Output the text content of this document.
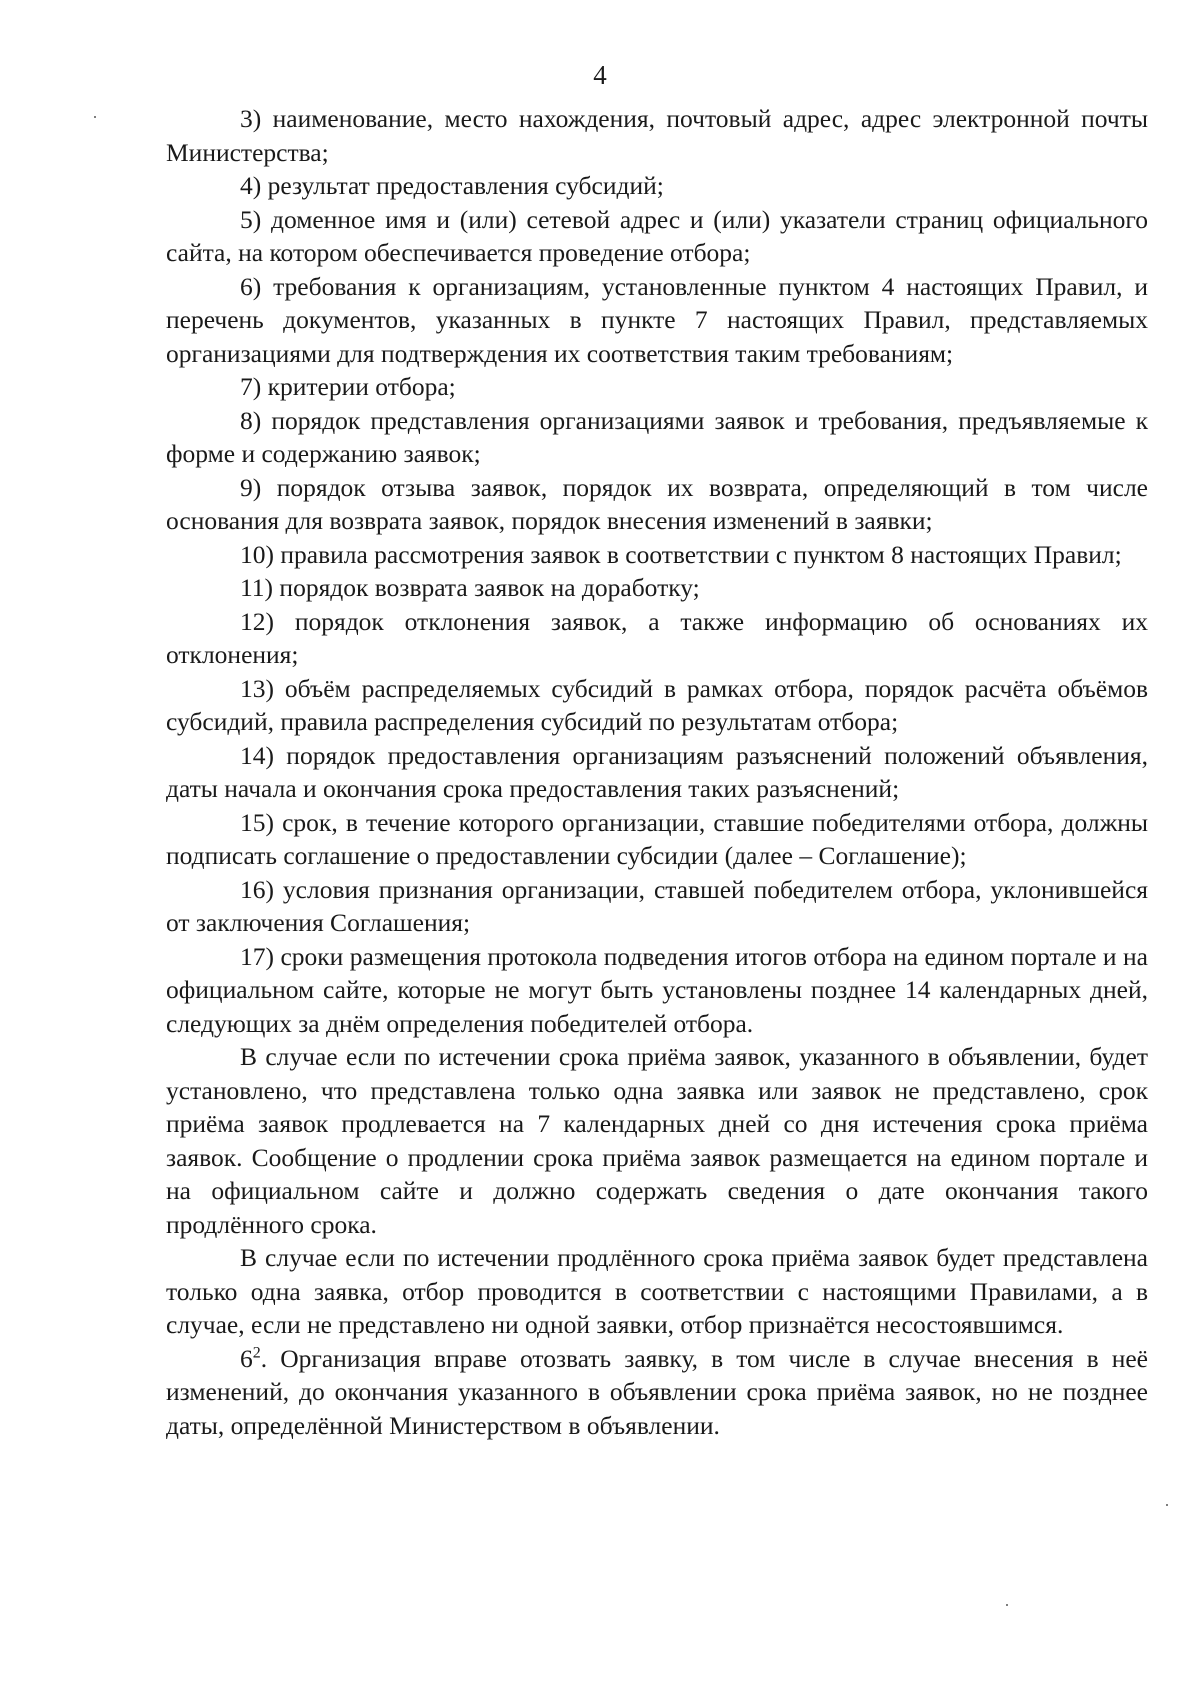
4

3) наименование, место нахождения, почтовый адрес, адрес электронной почты Министерства;

4) результат предоставления субсидий;

5) доменное имя и (или) сетевой адрес и (или) указатели страниц официального сайта, на котором обеспечивается проведение отбора;

6) требования к организациям, установленные пунктом 4 настоящих Правил, и перечень документов, указанных в пункте 7 настоящих Правил, представляемых организациями для подтверждения их соответствия таким требованиям;

7) критерии отбора;

8) порядок представления организациями заявок и требования, предъявляемые к форме и содержанию заявок;

9) порядок отзыва заявок, порядок их возврата, определяющий в том числе основания для возврата заявок, порядок внесения изменений в заявки;

10) правила рассмотрения заявок в соответствии с пунктом 8 настоящих Правил;

11) порядок возврата заявок на доработку;

12) порядок отклонения заявок, а также информацию об основаниях их отклонения;

13) объём распределяемых субсидий в рамках отбора, порядок расчёта объёмов субсидий, правила распределения субсидий по результатам отбора;

14) порядок предоставления организациям разъяснений положений объявления, даты начала и окончания срока предоставления таких разъяснений;

15) срок, в течение которого организации, ставшие победителями отбора, должны подписать соглашение о предоставлении субсидии (далее – Соглашение);

16) условия признания организации, ставшей победителем отбора, уклонившейся от заключения Соглашения;

17) сроки размещения протокола подведения итогов отбора на едином портале и на официальном сайте, которые не могут быть установлены позднее 14 календарных дней, следующих за днём определения победителей отбора.

В случае если по истечении срока приёма заявок, указанного в объявлении, будет установлено, что представлена только одна заявка или заявок не представлено, срок приёма заявок продлевается на 7 календарных дней со дня истечения срока приёма заявок. Сообщение о продлении срока приёма заявок размещается на едином портале и на официальном сайте и должно содержать сведения о дате окончания такого продлённого срока.

В случае если по истечении продлённого срока приёма заявок будет представлена только одна заявка, отбор проводится в соответствии с настоящими Правилами, а в случае, если не представлено ни одной заявки, отбор признаётся несостоявшимся.

$6^2$. Организация вправе отозвать заявку, в том числе в случае внесения в неё изменений, до окончания указанного в объявлении срока приёма заявок, но не позднее даты, определённой Министерством в объявлении.
